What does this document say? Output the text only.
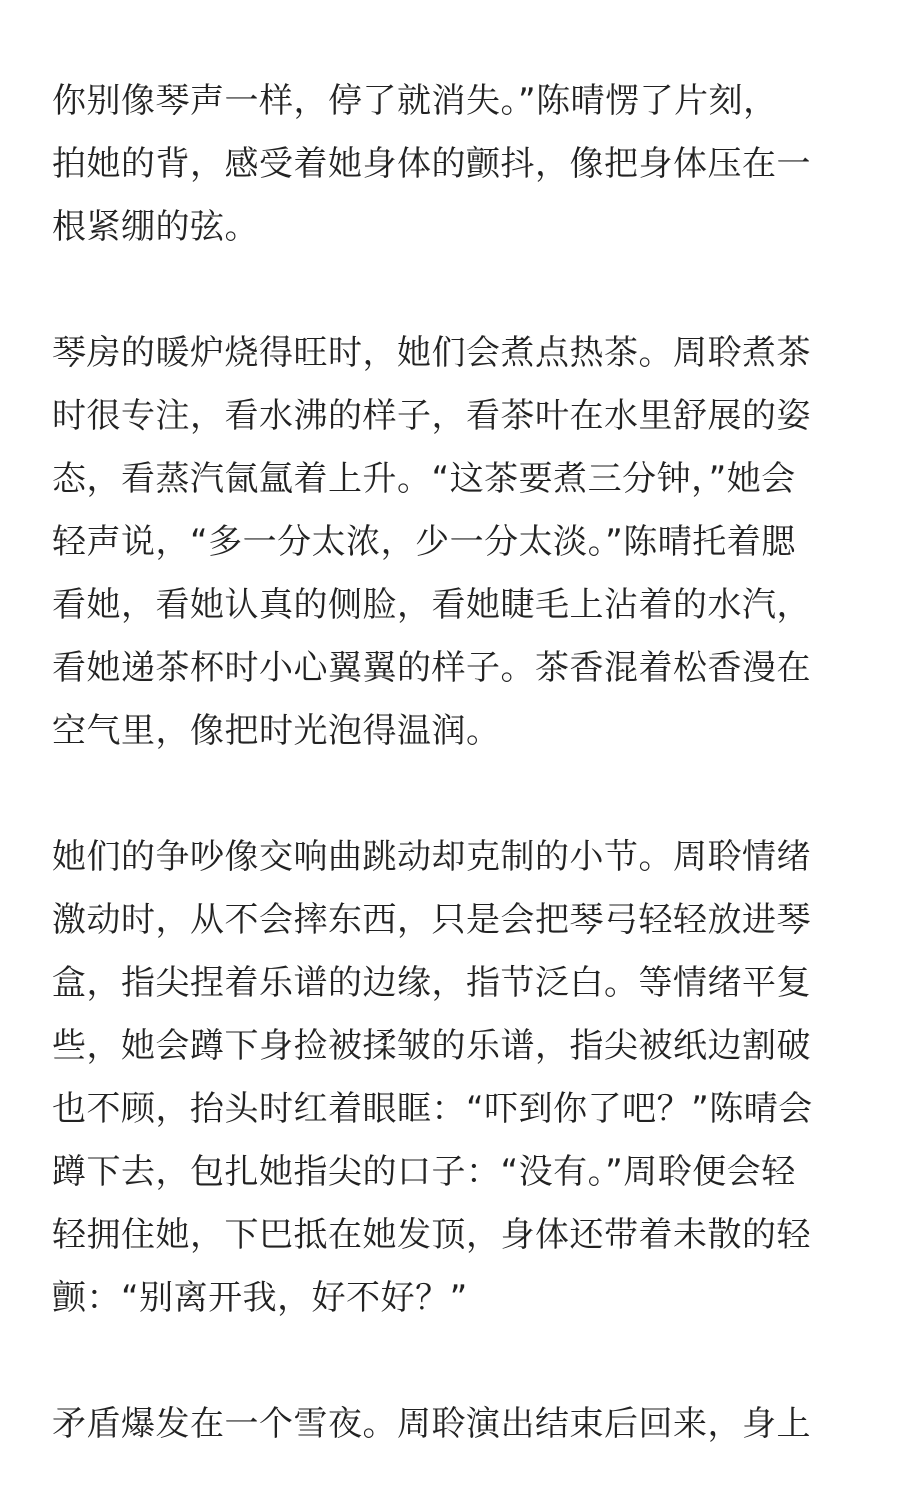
你别像琴声一样，停了就消失。”陈晴愣了片刻，
拍她的背，感受着她身体的颤抖，像把身体压在一
根紧绷的弦。
琴房的暖炉烧得旺时，她们会煮点热茶。周聆煮茶
时很专注，看水沸的样子，看茶叶在水里舒展的姿
态，看蒸汽氤氲着上升。“这茶要煮三分钟，”她会
轻声说，“多一分太浓，少一分太淡。”陈晴托着腮
看她，看她认真的侧脸，看她睫毛上沾着的水汽，
看她递茶杯时小心翼翼的样子。茶香混着松香漫在
空气里，像把时光泡得温润。
她们的争吵像交响曲跳动却克制的小节。周聆情绪
激动时，从不会摔东西，只是会把琴弓轻轻放进琴
盒，指尖捏着乐谱的边缘，指节泛白。等情绪平复
些，她会蹲下身捡被揉皱的乐谱，指尖被纸边割破
也不顾，抬头时红着眼眶：“吓到你了吧？”陈晴会
蹲下去，包扎她指尖的口子：“没有。”周聆便会轻
轻拥住她，下巴抵在她发顶，身体还带着未散的轻
颤：“别离开我，好不好？”
矛盾爆发在一个雪夜。周聆演出结束后回来，身上
